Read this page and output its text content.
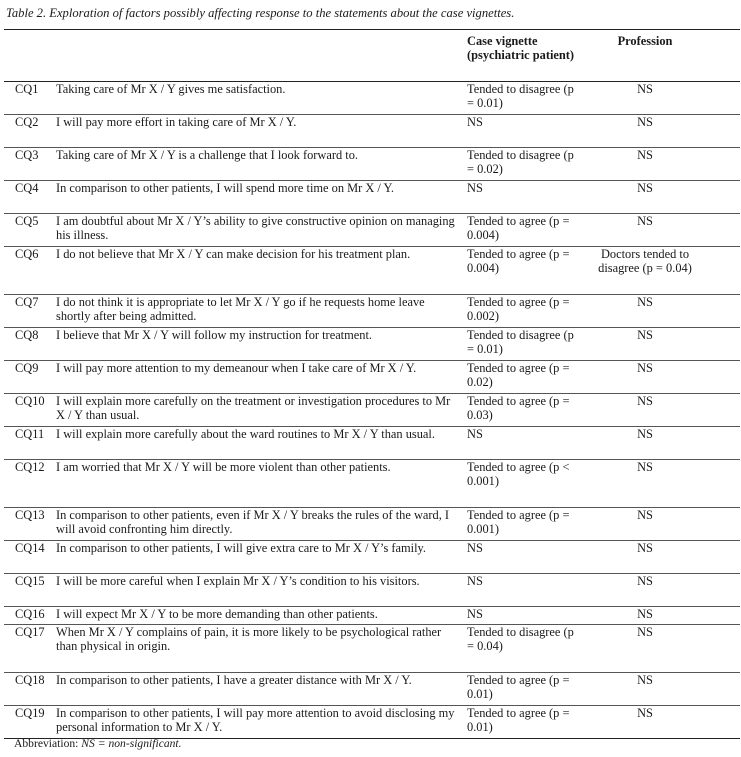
Table 2. Exploration of factors possibly affecting response to the statements about the case vignettes.
		Case vignette (psychiatric patient)	Profession
CQ1	Taking care of Mr X / Y gives me satisfaction.	Tended to disagree (p = 0.01)	NS
CQ2	I will pay more effort in taking care of Mr X / Y.	NS	NS
CQ3	Taking care of Mr X / Y is a challenge that I look forward to.	Tended to disagree (p = 0.02)	NS
CQ4	In comparison to other patients, I will spend more time on Mr X / Y.	NS	NS
CQ5	I am doubtful about Mr X / Y’s ability to give constructive opinion on managing his illness.	Tended to agree (p = 0.004)	NS
CQ6	I do not believe that Mr X / Y can make decision for his treatment plan.	Tended to agree (p = 0.004)	Doctors tended to disagree (p = 0.04)
CQ7	I do not think it is appropriate to let Mr X / Y go if he requests home leave shortly after being admitted.	Tended to agree (p = 0.002)	NS
CQ8	I believe that Mr X / Y will follow my instruction for treatment.	Tended to disagree (p = 0.01)	NS
CQ9	I will pay more attention to my demeanour when I take care of Mr X / Y.	Tended to agree (p = 0.02)	NS
CQ10	I will explain more carefully on the treatment or investigation procedures to Mr X / Y than usual.	Tended to agree (p = 0.03)	NS
CQ11	I will explain more carefully about the ward routines to Mr X / Y than usual.	NS	NS
CQ12	I am worried that Mr X / Y will be more violent than other patients.	Tended to agree (p < 0.001)	NS
CQ13	In comparison to other patients, even if Mr X / Y breaks the rules of the ward, I will avoid confronting him directly.	Tended to agree (p = 0.001)	NS
CQ14	In comparison to other patients, I will give extra care to Mr X / Y’s family.	NS	NS
CQ15	I will be more careful when I explain Mr X / Y’s condition to his visitors.	NS	NS
CQ16	I will expect Mr X / Y to be more demanding than other patients.	NS	NS
CQ17	When Mr X / Y complains of pain, it is more likely to be psychological rather than physical in origin.	Tended to disagree (p = 0.04)	NS
CQ18	In comparison to other patients, I have a greater distance with Mr X / Y.	Tended to agree (p = 0.01)	NS
CQ19	In comparison to other patients, I will pay more attention to avoid disclosing my personal information to Mr X / Y.	Tended to agree (p = 0.01)	NS
Abbreviation: NS = non-significant.
